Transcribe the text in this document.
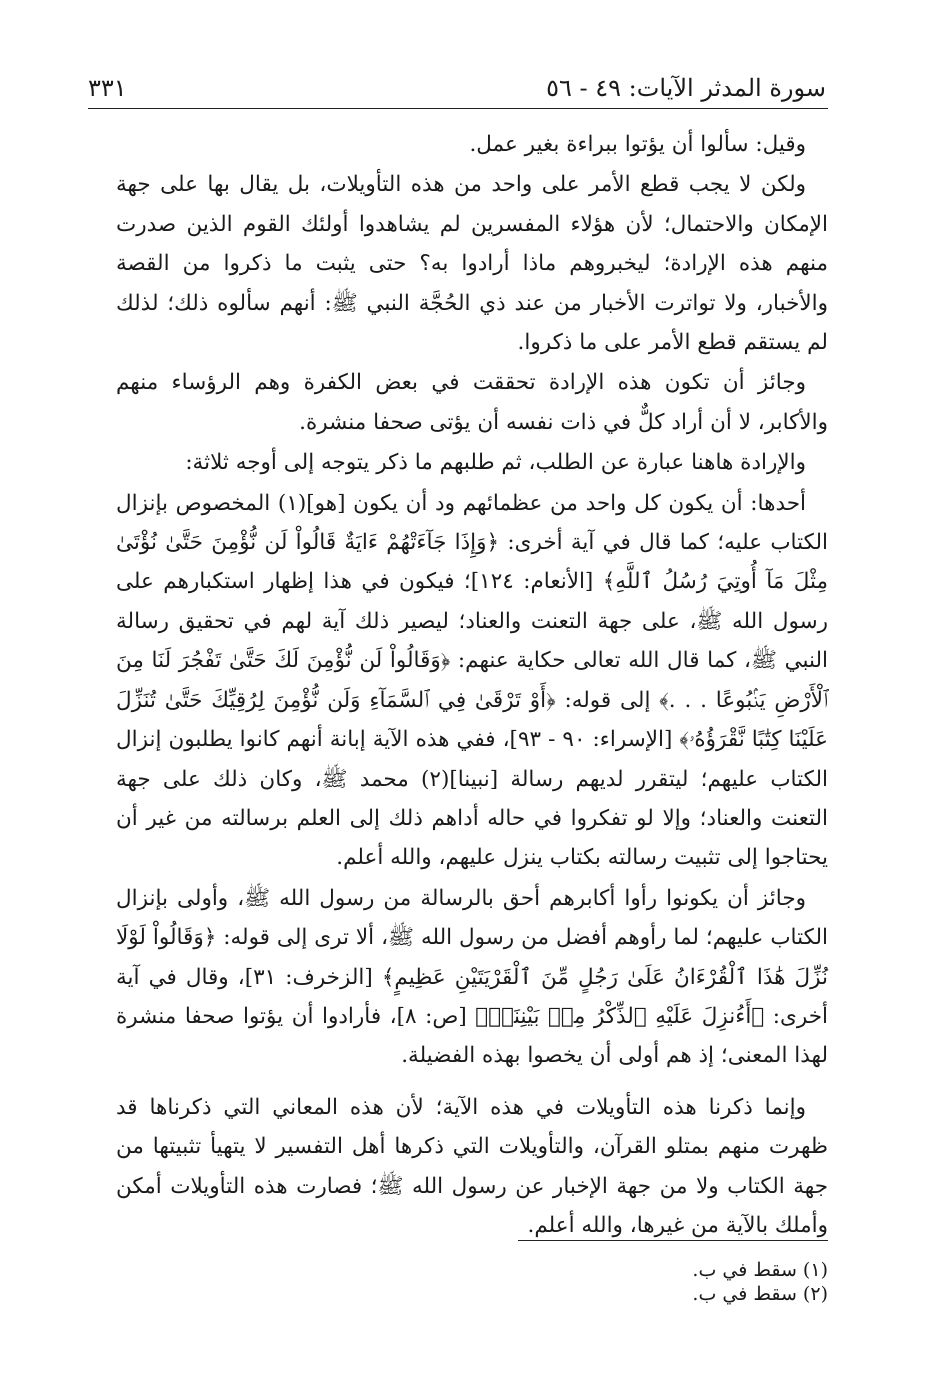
سورة المدثر الآيات: ٤٩ - ٥٦
٣٣١

وقيل: سألوا أن يؤتوا ببراءة بغير عمل.

ولكن لا يجب قطع الأمر على واحد من هذه التأويلات، بل يقال بها على جهة الإمكان والاحتمال؛ لأن هؤلاء المفسرين لم يشاهدوا أولئك القوم الذين صدرت منهم هذه الإرادة؛ ليخبروهم ماذا أرادوا به؟ حتى يثبت ما ذكروا من القصة والأخبار، ولا تواترت الأخبار من عند ذي الحُجَّة النبي ﷺ: أنهم سألوه ذلك؛ لذلك لم يستقم قطع الأمر على ما ذكروا.

وجائز أن تكون هذه الإرادة تحققت في بعض الكفرة وهم الرؤساء منهم والأكابر، لا أن أراد كلٌّ في ذات نفسه أن يؤتى صحفا منشرة.

والإرادة هاهنا عبارة عن الطلب، ثم طلبهم ما ذكر يتوجه إلى أوجه ثلاثة:

أحدها: أن يكون كل واحد من عظمائهم ود أن يكون [هو](١) المخصوص بإنزال الكتاب عليه؛ كما قال في آية أخرى: ﴿وَإِذَا جَآءَتْهُمْ ءَايَةٌ قَالُواْ لَن نُّؤْمِنَ حَتَّىٰ نُؤْتَىٰ مِثْلَ مَآ أُوتِيَ رُسُلُ ٱللَّهِ﴾ [الأنعام: ١٢٤]؛ فيكون في هذا إظهار استكبارهم على رسول الله ﷺ، على جهة التعنت والعناد؛ ليصير ذلك آية لهم في تحقيق رسالة النبي ﷺ، كما قال الله تعالى حكاية عنهم: ﴿وَقَالُواْ لَن نُّؤْمِنَ لَكَ حَتَّىٰ تَفْجُرَ لَنَا مِنَ ٱلْأَرْضِ يَنۢبُوعًا . . .﴾ إلى قوله: ﴿أَوْ تَرْقَىٰ فِي ٱلسَّمَآءِ وَلَن نُّؤْمِنَ لِرُقِيِّكَ حَتَّىٰ تُنَزِّلَ عَلَيْنَا كِتَٰبًا نَّقْرَؤُهُۥ﴾ [الإسراء: ٩٠ - ٩٣]، ففي هذه الآية إبانة أنهم كانوا يطلبون إنزال الكتاب عليهم؛ ليتقرر لديهم رسالة [نبينا](٢) محمد ﷺ، وكان ذلك على جهة التعنت والعناد؛ وإلا لو تفكروا في حاله أداهم ذلك إلى العلم برسالته من غير أن يحتاجوا إلى تثبيت رسالته بكتاب ينزل عليهم، والله أعلم.

وجائز أن يكونوا رأوا أكابرهم أحق بالرسالة من رسول الله ﷺ، وأولى بإنزال الكتاب عليهم؛ لما رأوهم أفضل من رسول الله ﷺ، ألا ترى إلى قوله: ﴿وَقَالُواْ لَوْلَا نُزِّلَ هَٰذَا ٱلْقُرْءَانُ عَلَىٰ رَجُلٍ مِّنَ ٱلْقَرْيَتَيْنِ عَظِيمٍ﴾ [الزخرف: ٣١]، وقال في آية أخرى: ﴿أَءُنزِلَ عَلَيْهِ ٱلذِّكْرُ مِنۢ بَيْنِنَاۚ﴾ [ص: ٨]، فأرادوا أن يؤتوا صحفا منشرة لهذا المعنى؛ إذ هم أولى أن يخصوا بهذه الفضيلة.

وإنما ذكرنا هذه التأويلات في هذه الآية؛ لأن هذه المعاني التي ذكرناها قد ظهرت منهم بمتلو القرآن، والتأويلات التي ذكرها أهل التفسير لا يتهيأ تثبيتها من جهة الكتاب ولا من جهة الإخبار عن رسول الله ﷺ؛ فصارت هذه التأويلات أمكن وأملك بالآية من غيرها، والله أعلم.

(١) سقط في ب.

(٢) سقط في ب.
